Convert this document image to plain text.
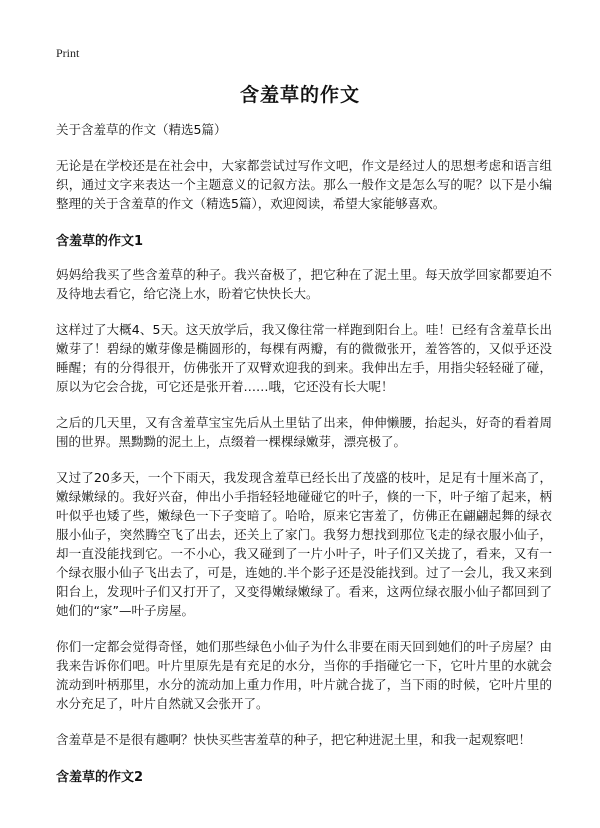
Print
含羞草的作文

关于含羞草的作文（精选5篇）

无论是在学校还是在社会中，大家都尝试过写作文吧，作文是经过人的思想考虑和语言组织，通过文字来表达一个主题意义的记叙方法。那么一般作文是怎么写的呢？以下是小编整理的关于含羞草的作文（精选5篇），欢迎阅读，希望大家能够喜欢。

含羞草的作文1

妈妈给我买了些含羞草的种子。我兴奋极了，把它种在了泥土里。每天放学回家都要迫不及待地去看它，给它浇上水，盼着它快快长大。

这样过了大概4、5天。这天放学后，我又像往常一样跑到阳台上。哇！已经有含羞草长出嫩芽了！碧绿的嫩芽像是椭圆形的，每棵有两瓣，有的微微张开，羞答答的，又似乎还没睡醒；有的分得很开，仿佛张开了双臂欢迎我的到来。我伸出左手，用指尖轻轻碰了碰，原以为它会合拢，可它还是张开着……哦，它还没有长大呢！

之后的几天里，又有含羞草宝宝先后从土里钻了出来，伸伸懒腰，抬起头，好奇的看着周围的世界。黑黝黝的泥土上，点缀着一棵棵绿嫩芽，漂亮极了。

又过了20多天，一个下雨天，我发现含羞草已经长出了茂盛的枝叶，足足有十厘米高了，嫩绿嫩绿的。我好兴奋，伸出小手指轻轻地碰碰它的叶子，倏的一下，叶子缩了起来，柄叶似乎也矮了些，嫩绿色一下子变暗了。哈哈，原来它害羞了，仿佛正在翩翩起舞的绿衣服小仙子，突然腾空飞了出去，还关上了家门。我努力想找到那位飞走的绿衣服小仙子，却一直没能找到它。一不小心，我又碰到了一片小叶子，叶子们又关拢了，看来，又有一个绿衣服小仙子飞出去了，可是，连她的.半个影子还是没能找到。过了一会儿，我又来到阳台上，发现叶子们又打开了，又变得嫩绿嫩绿了。看来，这两位绿衣服小仙子都回到了她们的“家”—叶子房屋。

你们一定都会觉得奇怪，她们那些绿色小仙子为什么非要在雨天回到她们的叶子房屋？由我来告诉你们吧。叶片里原先是有充足的水分，当你的手指碰它一下，它叶片里的水就会流动到叶柄那里，水分的流动加上重力作用，叶片就合拢了，当下雨的时候，它叶片里的水分充足了，叶片自然就又会张开了。

含羞草是不是很有趣啊？快快买些害羞草的种子，把它种进泥土里，和我一起观察吧！

含羞草的作文2
